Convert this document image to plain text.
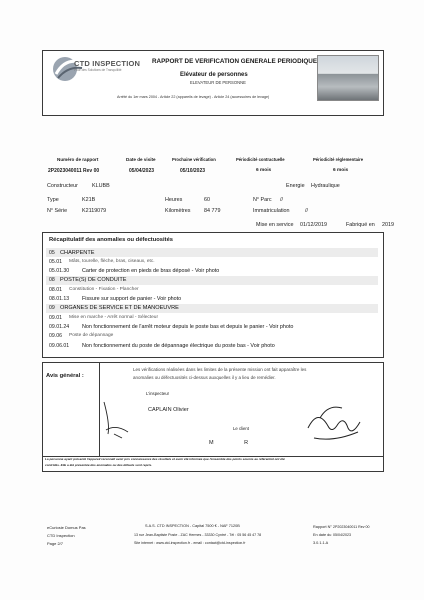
CTD INSPECTION
Pour des Solutions de Tranquillité
RAPPORT DE VERIFICATION GENERALE PERIODIQUE
Elévateur de personnes
ELEVATEUR DE PERSONNE
Arrêté du 1er mars 2004 - Article 22 (appareils de levage) - Article 24 (accessoires de levage)
Numéro de rapport	Date de visite	Prochaine vérification	Périodicité contractuelle	Périodicité réglementaire
2P2023040011 Rev 00	05/04/2023	05/10/2023	6 mois	6 mois
Constructeur	KLUBB	Energie Hydraulique
Type	K21B	Heures	60	N° Parc //
N° Série	K2119079	Kilomètres	84 779	Immatriculation	//
Mise en service 01/12/2019	Fabriqué en 2019
Récapitulatif des anomalies ou défectuosités
05 CHARPENTE
05.01 Mâts, tourelle, flèche, bras, ciseaux, etc.
05.01.30 Carter de protection en pieds de bras déposé - Voir photo
08 POSTE(S) DE CONDUITE
08.01 Constitution - Fixation - Plancher
08.01.13 Fissure sur support de panier - Voir photo
09 ORGANES DE SERVICE ET DE MANOEUVRE
09.01 Mise en marche - Arrêt normal - Sélecteur
09.01.24 Non fonctionnement de l'arrêt moteur depuis le poste bas et depuis le panier - Voir photo
09.06 Poste de dépannage
09.06.01 Non fonctionnement du poste de dépannage électrique du poste bas - Voir photo
Avis général :
Les vérifications réalisées dans les limites de la présente mission ont fait apparaître les
anomalies ou défectuosités ci-dessus auxquelles il y a lieu de remédier.
L'inspecteur
CAPLAIN Olivier
Le client
M                    R
La personne ayant présenté l'appareil reconnaît avoir pris connaissance des résultats et avoir été informée que l'ensemble des points soumis au référentiel ont été
contrôlés. Elle a été présentée des anomalies ou des défauts sont repris.
eCuriosie Domus Pas
CTD Inspection
Page 2/7
S.A.S. CTD INSPECTION - Capital 7500 € - NAF 7120B
13 rue Jean-Baptiste Poste - ZAC Hermes - 33330 Cyntré - Tél : 05 56 45 47 78
Site internet : www.ctd-inspection.fr - email : contact@ctd-inspection.fr
Rapport N° 2P2023040011 Rev 00
En date du 05/04/2023
3.0.1.1.A
